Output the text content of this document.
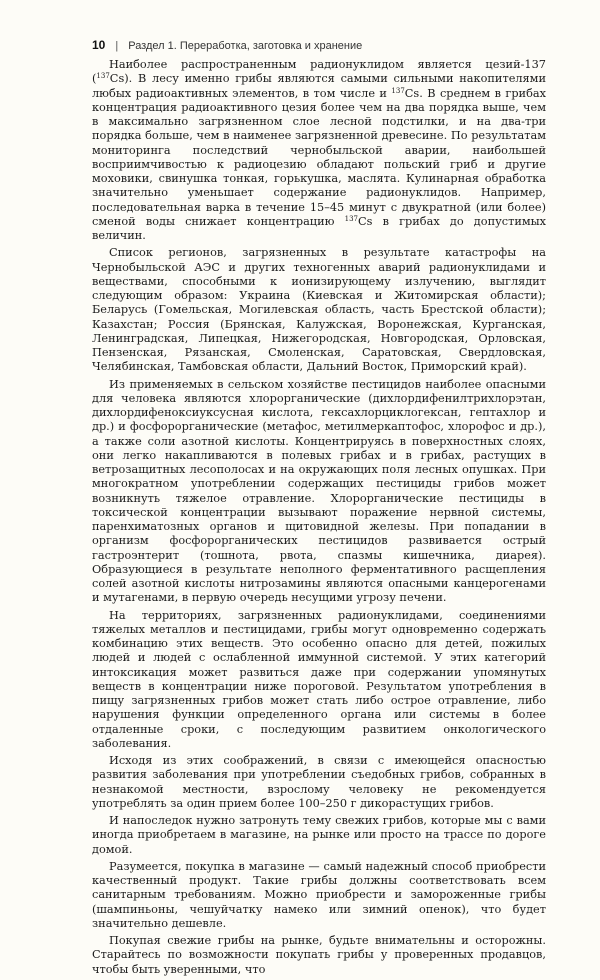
10 | Раздел 1. Переработка, заготовка и хранение

Наиболее распространенным радионуклидом является цезий-137 ($^{137}$Cs). В лесу именно грибы являются самыми сильными накопителями любых радиоактивных элементов, в том числе и $^{137}$Cs. В среднем в грибах концентрация радиоактивного цезия более чем на два порядка выше, чем в максимально загрязненном слое лесной подстилки, и на два-три порядка больше, чем в наименее загрязненной древесине. По результатам мониторинга последствий чернобыльской аварии, наибольшей восприимчивостью к радиоцезию обладают польский гриб и другие моховики, свинушка тонкая, горькушка, маслята. Кулинарная обработка значительно уменьшает содержание радионуклидов. Например, последовательная варка в течение 15–45 минут с двукратной (или более) сменой воды снижает концентрацию $^{137}$Cs в грибах до допустимых величин.

Список регионов, загрязненных в результате катастрофы на Чернобыльской АЭС и других техногенных аварий радионуклидами и веществами, способными к ионизирующему излучению, выглядит следующим образом: Украина (Киевская и Житомирская области); Беларусь (Гомельская, Могилевская область, часть Брестской области); Казахстан; Россия (Брянская, Калужская, Воронежская, Курганская, Ленинградская, Липецкая, Нижегородская, Новгородская, Орловская, Пензенская, Рязанская, Смоленская, Саратовская, Свердловская, Челябинская, Тамбовская области, Дальний Восток, Приморский край).

Из применяемых в сельском хозяйстве пестицидов наиболее опасными для человека являются хлорорганические (дихлордифенилтрихлорэтан, дихлордифеноксиуксусная кислота, гексахлорциклогексан, гептахлор и др.) и фосфорорганические (метафос, метилмеркаптофос, хлорофос и др.), а также соли азотной кислоты. Концентрируясь в поверхностных слоях, они легко накапливаются в полевых грибах и в грибах, растущих в ветрозащитных лесополосах и на окружающих поля лесных опушках. При многократном употреблении содержащих пестициды грибов может возникнуть тяжелое отравление. Хлорорганические пестициды в токсической концентрации вызывают поражение нервной системы, паренхиматозных органов и щитовидной железы. При попадании в организм фосфорорганических пестицидов развивается острый гастроэнтерит (тошнота, рвота, спазмы кишечника, диарея). Образующиеся в результате неполного ферментативного расщепления солей азотной кислоты нитрозамины являются опасными канцерогенами и мутагенами, в первую очередь несущими угрозу печени.

На территориях, загрязненных радионуклидами, соединениями тяжелых металлов и пестицидами, грибы могут одновременно содержать комбинацию этих веществ. Это особенно опасно для детей, пожилых людей и людей с ослабленной иммунной системой. У этих категорий интоксикация может развиться даже при содержании упомянутых веществ в концентрации ниже пороговой. Результатом употребления в пищу загрязненных грибов может стать либо острое отравление, либо нарушения функции определенного органа или системы в более отдаленные сроки, с последующим развитием онкологического заболевания.

Исходя из этих соображений, в связи с имеющейся опасностью развития заболевания при употреблении съедобных грибов, собранных в незнакомой местности, взрослому человеку не рекомендуется употреблять за один прием более 100–250 г дикорастущих грибов.

И напоследок нужно затронуть тему свежих грибов, которые мы с вами иногда приобретаем в магазине, на рынке или просто на трассе по дороге домой.

Разумеется, покупка в магазине — самый надежный способ приобрести качественный продукт. Такие грибы должны соответствовать всем санитарным требованиям. Можно приобрести и замороженные грибы (шампиньоны, чешуйчатку намеко или зимний опенок), что будет значительно дешевле.

Покупая свежие грибы на рынке, будьте внимательны и осторожны. Старайтесь по возможности покупать грибы у проверенных продавцов, чтобы быть уверенными, что
